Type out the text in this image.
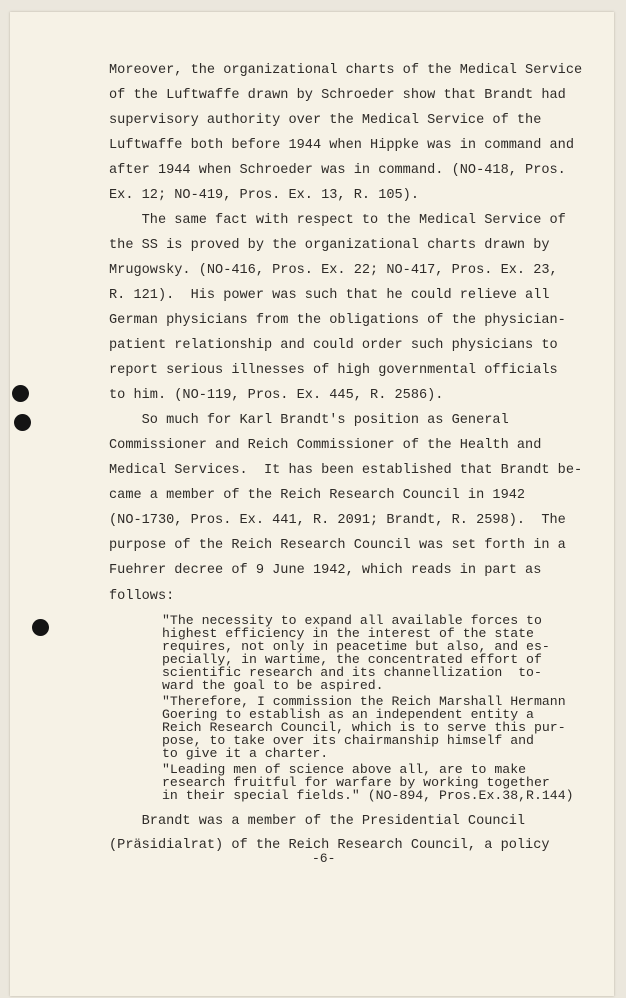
Moreover, the organizational charts of the Medical Service
of the Luftwaffe drawn by Schroeder show that Brandt had
supervisory authority over the Medical Service of the
Luftwaffe both before 1944 when Hippke was in command and
after 1944 when Schroeder was in command. (NO-418, Pros.
Ex. 12; NO-419, Pros. Ex. 13, R. 105).
The same fact with respect to the Medical Service of
the SS is proved by the organizational charts drawn by
Mrugowsky. (NO-416, Pros. Ex. 22; NO-417, Pros. Ex. 23,
R. 121).  His power was such that he could relieve all
German physicians from the obligations of the physician-
patient relationship and could order such physicians to
report serious illnesses of high governmental officials
to him. (NO-119, Pros. Ex. 445, R. 2586).
So much for Karl Brandt's position as General
Commissioner and Reich Commissioner of the Health and
Medical Services.  It has been established that Brandt be-
came a member of the Reich Research Council in 1942
(NO-1730, Pros. Ex. 441, R. 2091; Brandt, R. 2598).  The
purpose of the Reich Research Council was set forth in a
Fuehrer decree of 9 June 1942, which reads in part as
follows:
"The necessity to expand all available forces to
highest efficiency in the interest of the state
requires, not only in peacetime but also, and es-
pecially, in wartime, the concentrated effort of
scientific research and its channellization  to-
ward the goal to be aspired.
"Therefore, I commission the Reich Marshall Hermann
Goering to establish as an independent entity a
Reich Research Council, which is to serve this pur-
pose, to take over its chairmanship himself and
to give it a charter.
"Leading men of science above all, are to make
research fruitful for warfare by working together
in their special fields." (NO-894, Pros.Ex.38,R.144)
Brandt was a member of the Presidential Council
(Präsidialrat) of the Reich Research Council, a policy
-6-
